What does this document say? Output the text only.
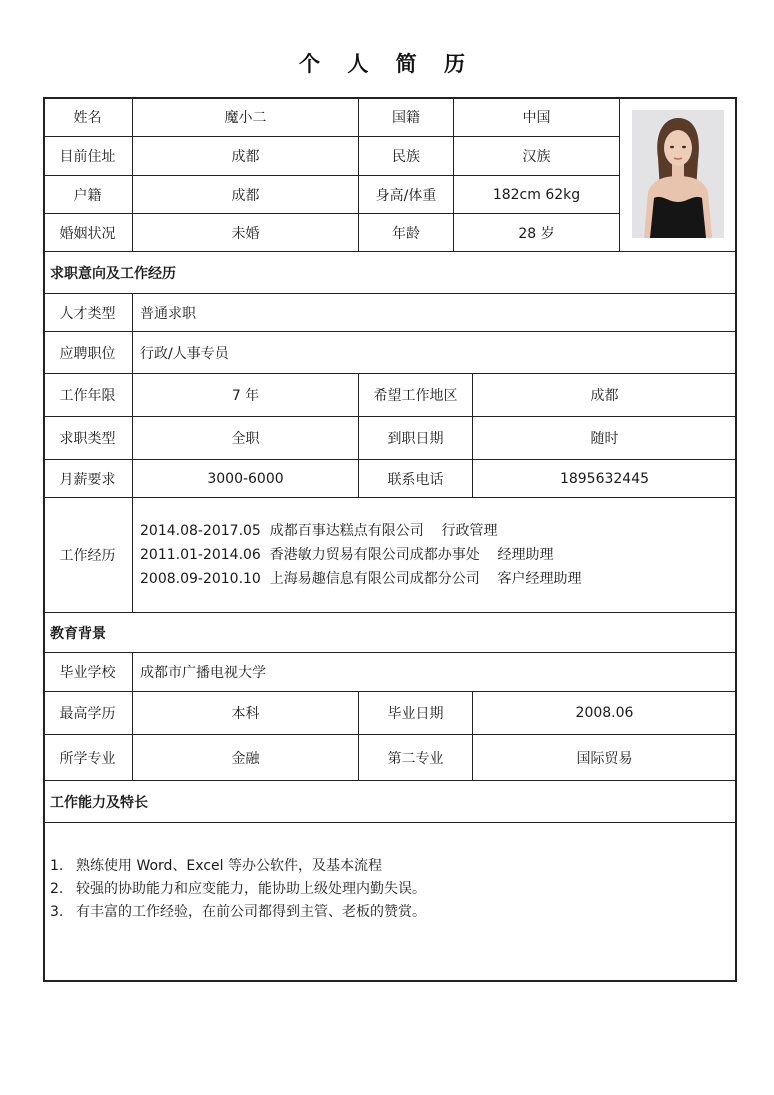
个 人 简 历
姓名	魔小二	国籍	中国
目前住址	成都	民族	汉族
户籍	成都	身高/体重	182cm 62kg
婚姻状况	未婚	年龄	28 岁
求职意向及工作经历
人才类型	普通求职
应聘职位	行政/人事专员
工作年限	7 年	希望工作地区	成都
求职类型	全职	到职日期	随时
月薪要求	3000-6000	联系电话	1895632445
工作经历
2014.08-2017.05  成都百事达糕点有限公司    行政管理
2011.01-2014.06  香港敏力贸易有限公司成都办事处    经理助理
2008.09-2010.10  上海易趣信息有限公司成都分公司    客户经理助理
教育背景
毕业学校	成都市广播电视大学
最高学历	本科	毕业日期	2008.06
所学专业	金融	第二专业	国际贸易
工作能力及特长
1. 熟练使用 Word、Excel 等办公软件，及基本流程
2. 较强的协助能力和应变能力，能协助上级处理内勤失误。
3. 有丰富的工作经验，在前公司都得到主管、老板的赞赏。
